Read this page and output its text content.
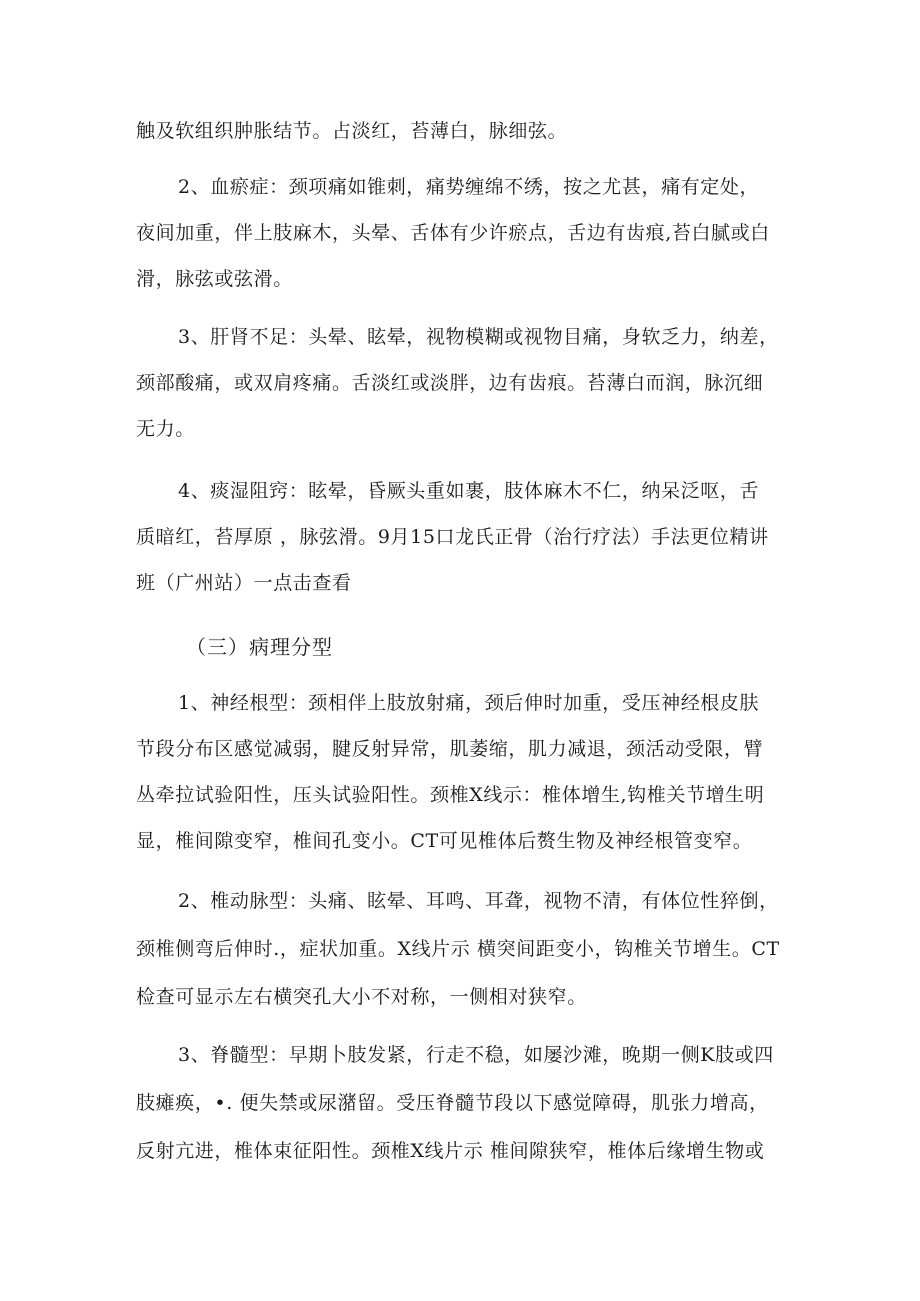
触及软组织肿胀结节。占淡红，苔薄白，脉细弦。
2、血瘀症：颈项痛如锥刺，痛势缠绵不绣，按之尤甚，痛有定处，
夜间加重，伴上肢麻木，头晕、舌体有少许瘀点，舌边有齿痕,苔白腻或白
滑，脉弦或弦滑。
3、肝肾不足：头晕、眩晕，视物模糊或视物目痛，身软乏力，纳差，
颈部酸痛，或双肩疼痛。舌淡红或淡胖，边有齿痕。苔薄白而润，脉沉细
无力。
4、痰湿阻窍：眩晕，昏厥头重如裹，肢体麻木不仁，纳呆泛呕，舌
质暗红，苔厚原 ，脉弦滑。9月15口龙氏正骨（治行疗法）手法更位精讲
班（广州站）一点击查看
（三）病理分型
1、神经根型：颈相伴上肢放射痛，颈后伸时加重，受压神经根皮肤
节段分布区感觉减弱，腱反射异常，肌萎缩，肌力减退，颈活动受限，臂
丛牵拉试验阳性，压头试验阳性。颈椎X线示：椎体增生,钩椎关节增生明
显，椎间隙变窄，椎间孔变小。CT可见椎体后赘生物及神经根管变窄。
2、椎动脉型：头痛、眩晕、耳鸣、耳聋，视物不清，有体位性猝倒，
颈椎侧弯后伸时.，症状加重。X线片示 横突间距变小，钩椎关节增生。CT
检查可显示左右横突孔大小不对称，一侧相对狭窄。
3、脊髓型：早期卜肢发紧，行走不稳，如屡沙滩，晚期一侧K肢或四
肢瘫痪，•. 便失禁或尿潴留。受压脊髓节段以下感觉障碍，肌张力增高，
反射亢进，椎体束征阳性。颈椎X线片示 椎间隙狭窄，椎体后缘增生物或
